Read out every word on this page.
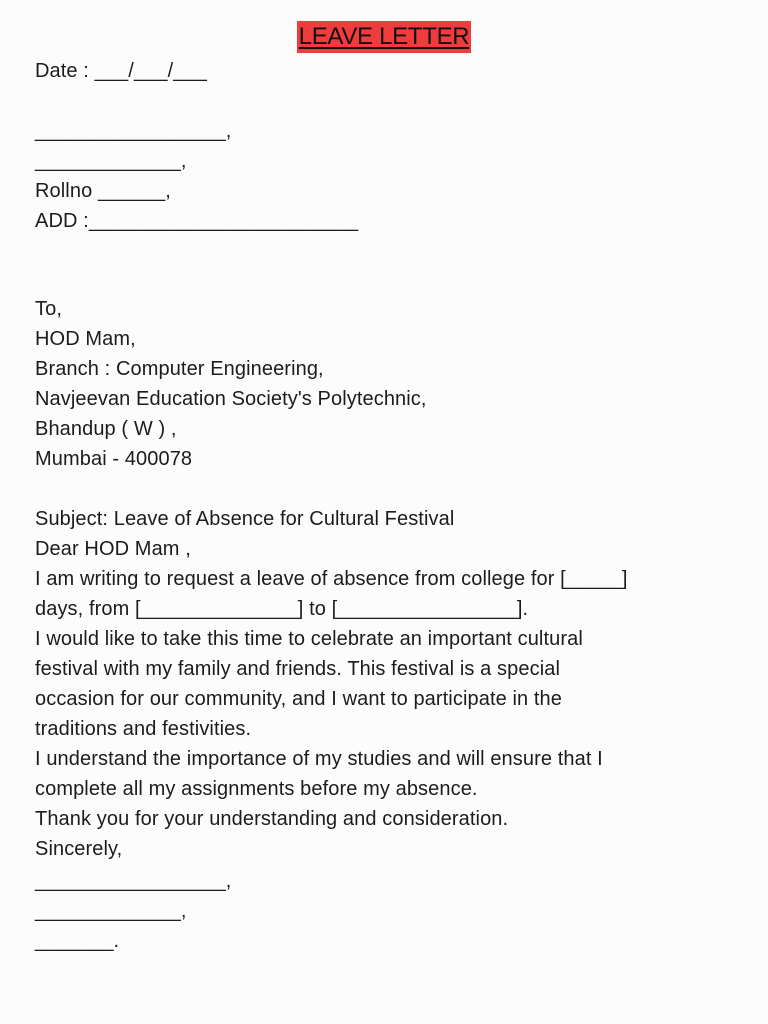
LEAVE LETTER
Date : ___/___/___
_________________,
_____________,
Rollno ______,
ADD :________________________
To,
HOD Mam,
Branch : Computer Engineering,
Navjeevan Education Society's Polytechnic,
Bhandup ( W ) ,
Mumbai - 400078
Subject: Leave of Absence for Cultural Festival
Dear HOD Mam ,
I am writing to request a leave of absence from college for [_____]
days, from [______________] to [________________].
I would like to take this time to celebrate an important cultural
festival with my family and friends. This festival is a special
occasion for our community, and I want to participate in the
traditions and festivities.
I understand the importance of my studies and will ensure that I
complete all my assignments before my absence.
Thank you for your understanding and consideration.
Sincerely,
_________________,
_____________,
_______.
